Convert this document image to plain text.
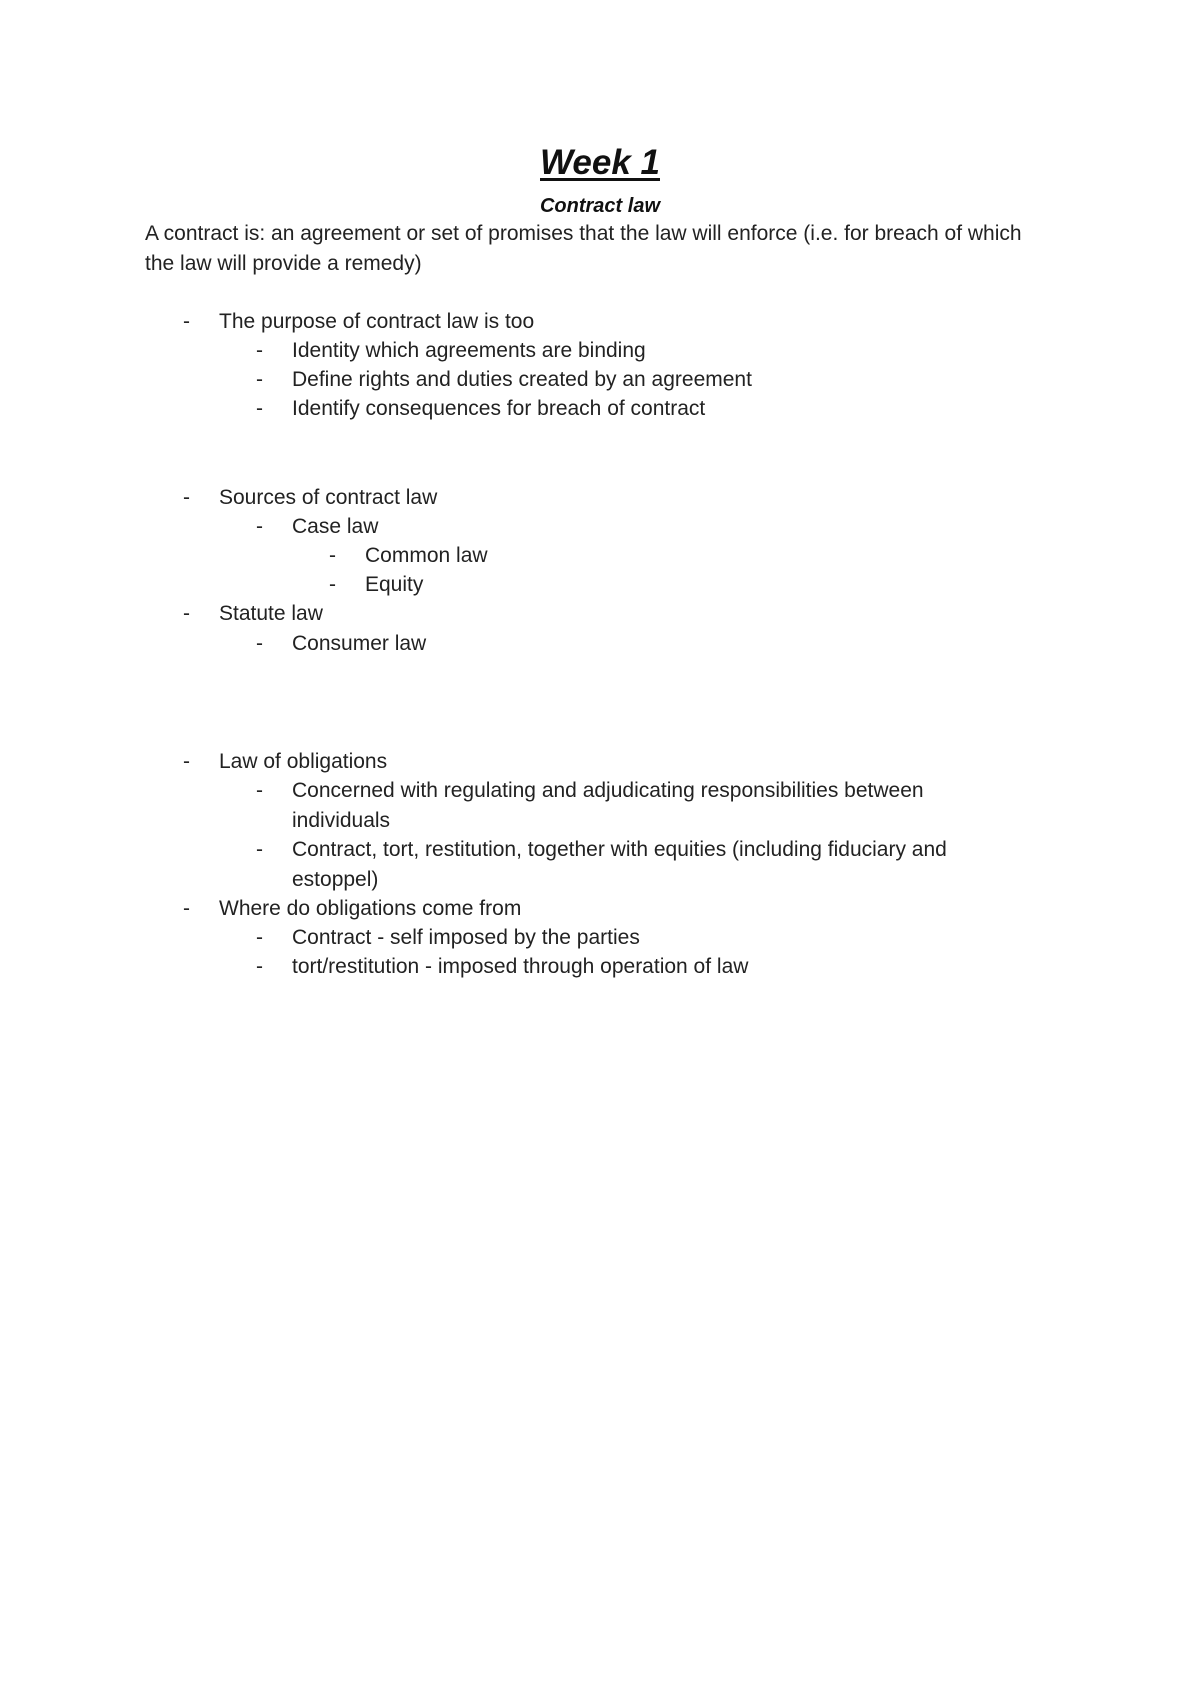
Week 1
Contract law
A contract is: an agreement or set of promises that the law will enforce (i.e. for breach of which the law will provide a remedy)
- The purpose of contract law is too
- Identity which agreements are binding
- Define rights and duties created by an agreement
- Identify consequences for breach of contract
- Sources of contract law
- Case law
- Common law
- Equity
- Statute law
- Consumer law
- Law of obligations
- Concerned with regulating and adjudicating responsibilities between individuals
- Contract, tort, restitution, together with equities (including fiduciary and estoppel)
- Where do obligations come from
- Contract - self imposed by the parties
- tort/restitution - imposed through operation of law
